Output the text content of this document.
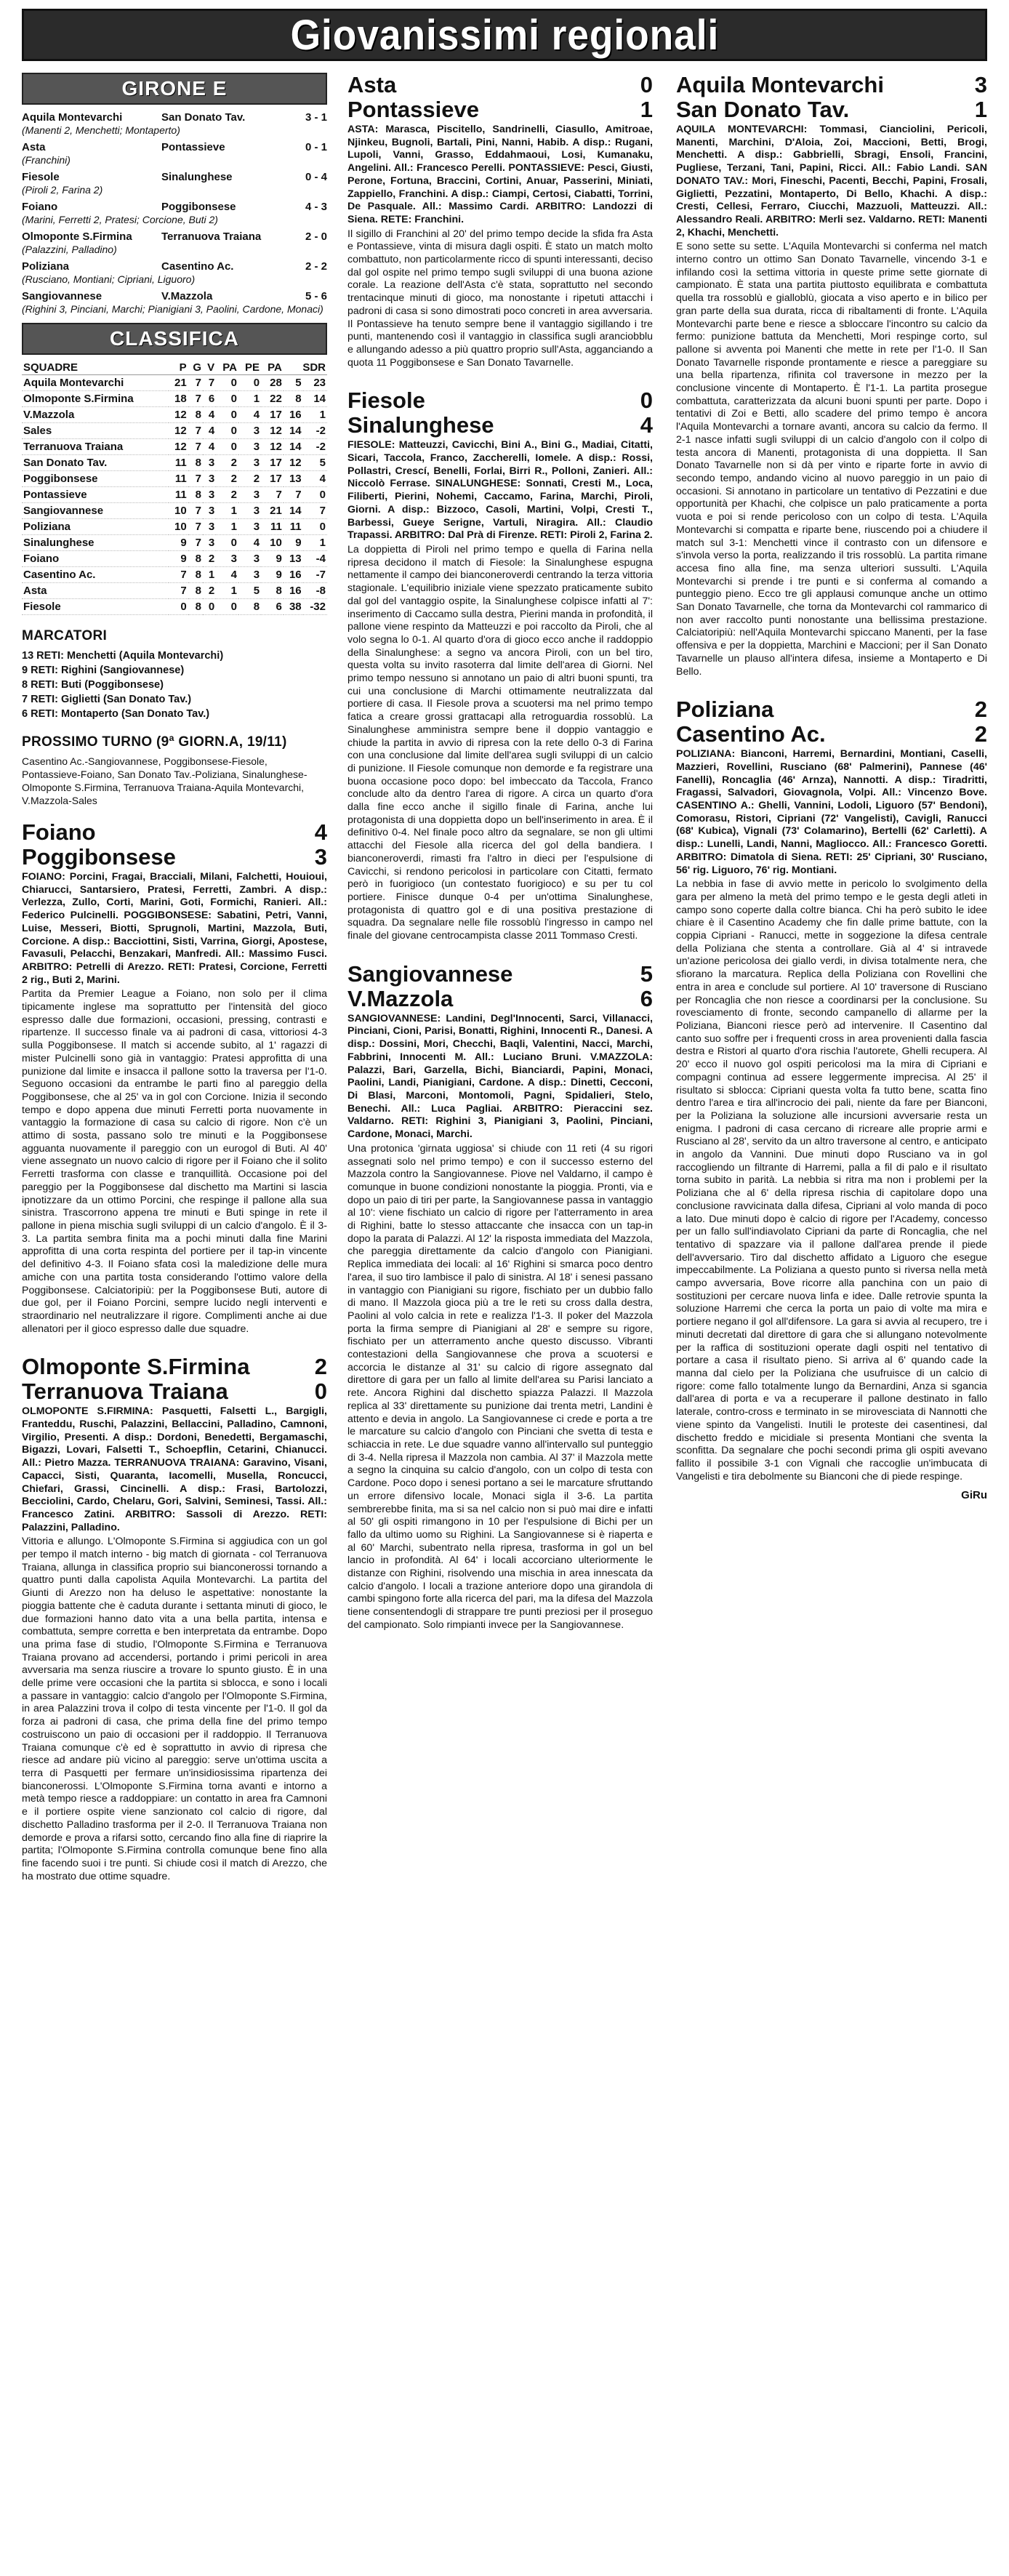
Giovanissimi regionali
GIRONE E
Aquila Montevarchi	San Donato Tav.	3 - 1
(Manenti 2, Menchetti; Montaperto)
Asta	Pontassieve	0 - 1
(Franchini)
Fiesole	Sinalunghese	0 - 4
(Piroli 2, Farina 2)
Foiano	Poggibonsese	4 - 3
(Marini, Ferretti 2, Pratesi; Corcione, Buti 2)
Olmoponte S.Firmina	Terranuova Traiana	2 - 0
(Palazzini, Palladino)
Poliziana	Casentino Ac.	2 - 2
(Rusciano, Montiani; Cipriani, Liguoro)
Sangiovannese	V.Mazzola	5 - 6
(Righini 3, Pinciani, Marchi; Pianigiani 3, Paolini, Cardone, Monaci)
CLASSIFICA
SQUADRE	P	G	V	PA	PE	PA	SDR	
Aquila Montevarchi	21	7	7	0	0	28	5	23
Olmoponte S.Firmina	18	7	6	0	1	22	8	14
V.Mazzola	12	8	4	0	4	17	16	1
Sales	12	7	4	0	3	12	14	-2
Terranuova Traiana	12	7	4	0	3	12	14	-2
San Donato Tav.	11	8	3	2	3	17	12	5
Poggibonsese	11	7	3	2	2	17	13	4
Pontassieve	11	8	3	2	3	7	7	0
Sangiovannese	10	7	3	1	3	21	14	7
Poliziana	10	7	3	1	3	11	11	0
Sinalunghese	9	7	3	0	4	10	9	1
Foiano	9	8	2	3	3	9	13	-4
Casentino Ac.	7	8	1	4	3	9	16	-7
Asta	7	8	2	1	5	8	16	-8
Fiesole	0	8	0	0	8	6	38	-32
MARCATORI
13 RETI: Menchetti (Aquila Montevarchi)
9 RETI: Righini (Sangiovannese)
8 RETI: Buti (Poggibonsese)
7 RETI: Giglietti (San Donato Tav.)
6 RETI: Montaperto (San Donato Tav.)
PROSSIMO TURNO (9ª GIORN.A, 19/11)
Casentino Ac.-Sangiovannese, Poggibonsese-Fiesole, Pontassieve-Foiano, San Donato Tav.-Poliziana, Sinalunghese-Olmoponte S.Firmina, Terranuova Traiana-Aquila Montevarchi, V.Mazzola-Sales
Foiano	4
Poggibonsese	3

FOIANO: Porcini, Fragai, Bracciali, Milani, Falchetti, Houioui, Chiarucci, Santarsiero, Pratesi, Ferretti, Zambri. A disp.: Verlezza, Zullo, Corti, Marini, Goti, Formichi, Ranieri. All.: Federico Pulcinelli. POGGIBONSESE: Sabatini, Petri, Vanni, Luise, Messeri, Biotti, Sprugnoli, Martini, Mazzola, Buti, Corcione. A disp.: Bacciottini, Sisti, Varrina, Giorgi, Apostese, Favasuli, Pelacchi, Benzakari, Manfredi. All.: Massimo Fusci. ARBITRO: Petrelli di Arezzo. RETI: Pratesi, Corcione, Ferretti 2 rig., Buti 2, Marini.

Partita da Premier League a Foiano, non solo per il clima tipicamente inglese ma soprattutto per l'intensità del gioco espresso dalle due formazioni, occasioni, pressing, contrasti e ripartenze. Il successo finale va ai padroni di casa, vittoriosi 4-3 sulla Poggibonsese. Il match si accende subito, al 1' ragazzi di mister Pulcinelli sono già in vantaggio: Pratesi approfitta di una punizione dal limite e insacca il pallone sotto la traversa per l'1-0. Seguono occasioni da entrambe le parti fino al pareggio della Poggibonsese, che al 25' va in gol con Corcione. Inizia il secondo tempo e dopo appena due minuti Ferretti porta nuovamente in vantaggio la formazione di casa su calcio di rigore. Non c'è un attimo di sosta, passano solo tre minuti e la Poggibonsese agguanta nuovamente il pareggio con un eurogol di Buti. Al 40' viene assegnato un nuovo calcio di rigore per il Foiano che il solito Ferretti trasforma con classe e tranquillità. Occasione poi del pareggio per la Poggibonsese dal dischetto ma Martini si lascia ipnotizzare da un ottimo Porcini, che respinge il pallone alla sua sinistra. Trascorrono appena tre minuti e Buti spinge in rete il pallone in piena mischia sugli sviluppi di un calcio d'angolo. È il 3-3. La partita sembra finita ma a pochi minuti dalla fine Marini approfitta di una corta respinta del portiere per il tap-in vincente del definitivo 4-3. Il Foiano sfata così la maledizione delle mura amiche con una partita tosta considerando l'ottimo valore della Poggibonsese. Calciatoripiù: per la Poggibonsese Buti, autore di due gol, per il Foiano Porcini, sempre lucido negli interventi e straordinario nel neutralizzare il rigore. Complimenti anche ai due allenatori per il gioco espresso dalle due squadre.

Olmoponte S.Firmina	2
Terranuova Traiana	0

OLMOPONTE S.FIRMINA: Pasquetti, Falsetti L., Bargigli, Franteddu, Ruschi, Palazzini, Bellaccini, Palladino, Camnoni, Virgilio, Presenti. A disp.: Dordoni, Benedetti, Bergamaschi, Bigazzi, Lovari, Falsetti T., Schoepflin, Cetarini, Chianucci. All.: Pietro Mazza. TERRANUOVA TRAIANA: Garavino, Visani, Capacci, Sisti, Quaranta, Iacomelli, Musella, Roncucci, Chiefari, Grassi, Cincinelli. A disp.: Frasi, Bartolozzi, Becciolini, Cardo, Chelaru, Gori, Salvini, Seminesi, Tassi. All.: Francesco Zatini. ARBITRO: Sassoli di Arezzo. RETI: Palazzini, Palladino.

Vittoria e allungo. L'Olmoponte S.Firmina si aggiudica con un gol per tempo il match interno - big match di giornata - col Terranuova Traiana, allunga in classifica proprio sui bianconerossi tornando a quattro punti dalla capolista Aquila Montevarchi. La partita del Giunti di Arezzo non ha deluso le aspettative: nonostante la pioggia battente che è caduta durante i settanta minuti di gioco, le due formazioni hanno dato vita a una bella partita, intensa e combattuta, sempre corretta e ben interpretata da entrambe. Dopo una prima fase di studio, l'Olmoponte S.Firmina e Terranuova Traiana provano ad accendersi, portando i primi pericoli in area avversaria ma senza riuscire a trovare lo spunto giusto. È in una delle prime vere occasioni che la partita si sblocca, e sono i locali a passare in vantaggio: calcio d'angolo per l'Olmoponte S.Firmina, in area Palazzini trova il colpo di testa vincente per l'1-0. Il gol da forza ai padroni di casa, che prima della fine del primo tempo costruiscono un paio di occasioni per il raddoppio. Il Terranuova Traiana comunque c'è ed è soprattutto in avvio di ripresa che riesce ad andare più vicino al pareggio: serve un'ottima uscita a terra di Pasquetti per fermare un'insidiosissima ripartenza dei bianconerossi. L'Olmoponte S.Firmina torna avanti e intorno a metà tempo riesce a raddoppiare: un contatto in area fra Camnoni e il portiere ospite viene sanzionato col calcio di rigore, dal dischetto Palladino trasforma per il 2-0. Il Terranuova Traiana non demorde e prova a rifarsi sotto, cercando fino alla fine di riaprire la partita; l'Olmoponte S.Firmina controlla comunque bene fino alla fine facendo suoi i tre punti. Si chiude così il match di Arezzo, che ha mostrato due ottime squadre.

Asta	0
Pontassieve	1

ASTA: Marasca, Piscitello, Sandrinelli, Ciasullo, Amitroae, Njinkeu, Bugnoli, Bartali, Pini, Nanni, Habib. A disp.: Rugani, Lupoli, Vanni, Grasso, Eddahmaoui, Losi, Kumanaku, Angelini. All.: Francesco Perelli. PONTASSIEVE: Pesci, Giusti, Perone, Fortuna, Braccini, Cortini, Anuar, Passerini, Miniati, Zappiello, Franchini. A disp.: Ciampi, Certosi, Ciabatti, Torrini, De Pasquale. All.: Massimo Cardi. ARBITRO: Landozzi di Siena. RETE: Franchini.

Il sigillo di Franchini al 20' del primo tempo decide la sfida fra Asta e Pontassieve, vinta di misura dagli ospiti. È stato un match molto combattuto, non particolarmente ricco di spunti interessanti, deciso dal gol ospite nel primo tempo sugli sviluppi di una buona azione corale. La reazione dell'Asta c'è stata, soprattutto nel secondo trentacinque minuti di gioco, ma nonostante i ripetuti attacchi i padroni di casa si sono dimostrati poco concreti in area avversaria. Il Pontassieve ha tenuto sempre bene il vantaggio sigillando i tre punti, mantenendo così il vantaggio in classifica sugli aranciobblu e allungando adesso a più quattro proprio sull'Asta, agganciando a quota 11 Poggibonsese e San Donato Tavarnelle.

Fiesole	0
Sinalunghese	4

FIESOLE: Matteuzzi, Cavicchi, Bini A., Bini G., Madiai, Citatti, Sicari, Taccola, Franco, Zaccherelli, Iomele. A disp.: Rossi, Pollastri, Crescí, Benelli, Forlai, Birri R., Polloni, Zanieri. All.: Niccolò Ferrase. SINALUNGHESE: Sonnati, Cresti M., Loca, Filiberti, Pierini, Nohemi, Caccamo, Farina, Marchi, Piroli, Giorni. A disp.: Bizzoco, Casoli, Martini, Volpi, Cresti T., Barbessi, Gueye Serigne, Vartuli, Niragira. All.: Claudio Trapassi. ARBITRO: Dal Prà di Firenze. RETI: Piroli 2, Farina 2.

La doppietta di Piroli nel primo tempo e quella di Farina nella ripresa decidono il match di Fiesole: la Sinalunghese espugna nettamente il campo dei bianconeroverdi centrando la terza vittoria stagionale. L'equilibrio iniziale viene spezzato praticamente subito dal gol del vantaggio ospite, la Sinalunghese colpisce infatti al 7': inserimento di Caccamo sulla destra, Pierini manda in profondità, il pallone viene respinto da Matteuzzi e poi raccolto da Piroli, che al volo segna lo 0-1. Al quarto d'ora di gioco ecco anche il raddoppio della Sinalunghese: a segno va ancora Piroli, con un bel tiro, questa volta su invito rasoterra dal limite dell'area di Giorni. Nel primo tempo nessuno si annotano un paio di altri buoni spunti, tra cui una conclusione di Marchi ottimamente neutralizzata dal portiere di casa. Il Fiesole prova a scuotersi ma nel primo tempo fatica a creare grossi grattacapi alla retroguardia rossoblù. La Sinalunghese amministra sempre bene il doppio vantaggio e chiude la partita in avvio di ripresa con la rete dello 0-3 di Farina con una conclusione dal limite dell'area sugli sviluppi di un calcio di punizione. Il Fiesole comunque non demorde e fa registrare una buona occasione poco dopo: bel imbeccato da Taccola, Franco conclude alto da dentro l'area di rigore. A circa un quarto d'ora dalla fine ecco anche il sigillo finale di Farina, anche lui protagonista di una doppietta dopo un bell'inserimento in area. È il definitivo 0-4. Nel finale poco altro da segnalare, se non gli ultimi attacchi del Fiesole alla ricerca del gol della bandiera. I bianconeroverdi, rimasti fra l'altro in dieci per l'espulsione di Cavicchi, si rendono pericolosi in particolare con Citatti, fermato però in fuorigioco (un contestato fuorigioco) e su per tu col portiere. Finisce dunque 0-4 per un'ottima Sinalunghese, protagonista di quattro gol e di una positiva prestazione di squadra. Da segnalare nelle file rossoblù l'ingresso in campo nel finale del giovane centrocampista classe 2011 Tommaso Cresti.

Sangiovannese	5
V.Mazzola	6

SANGIOVANNESE: Landini, Degl'Innocenti, Sarci, Villanacci, Pinciani, Cioni, Parisi, Bonatti, Righini, Innocenti R., Danesi. A disp.: Dossini, Mori, Checchi, Baqli, Valentini, Nacci, Marchi, Fabbrini, Innocenti M. All.: Luciano Bruni. V.MAZZOLA: Palazzi, Bari, Garzella, Bichi, Bianciardi, Papini, Monaci, Paolini, Landi, Pianigiani, Cardone. A disp.: Dinetti, Cecconi, Di Blasi, Marconi, Montomoli, Pagni, Spidalieri, Stelo, Benechi. All.: Luca Pagliai. ARBITRO: Pieraccini sez. Valdarno. RETI: Righini 3, Pianigiani 3, Paolini, Pinciani, Cardone, Monaci, Marchi.

Una protonica 'girnata uggiosa' si chiude con 11 reti (4 su rigori assegnati solo nel primo tempo) e con il successo esterno del Mazzola contro la Sangiovannese. Piove nel Valdarno, il campo è comunque in buone condizioni nonostante la pioggia. Pronti, via e dopo un paio di tiri per parte, la Sangiovannese passa in vantaggio al 10': viene fischiato un calcio di rigore per l'atterramento in area di Righini, batte lo stesso attaccante che insacca con un tap-in dopo la parata di Palazzi. Al 12' la risposta immediata del Mazzola, che pareggia direttamente da calcio d'angolo con Pianigiani. Replica immediata dei locali: al 16' Righini si smarca poco dentro l'area, il suo tiro lambisce il palo di sinistra. Al 18' i senesi passano in vantaggio con Pianigiani su rigore, fischiato per un dubbio fallo di mano. Il Mazzola gioca più a tre le reti su cross dalla destra, Paolini al volo calcia in rete e realizza l'1-3. Il poker del Mazzola porta la firma sempre di Pianigiani al 28' e sempre su rigore, fischiato per un atterramento anche questo discusso. Vibranti contestazioni della Sangiovannese che prova a scuotersi e accorcia le distanze al 31' su calcio di rigore assegnato dal direttore di gara per un fallo al limite dell'area su Parisi lanciato a rete. Ancora Righini dal dischetto spiazza Palazzi. Il Mazzola replica al 33' direttamente su punizione dai trenta metri, Landini è attento e devia in angolo. La Sangiovannese ci crede e porta a tre le marcature su calcio d'angolo con Pinciani che svetta di testa e schiaccia in rete. Le due squadre vanno all'intervallo sul punteggio di 3-4. Nella ripresa il Mazzola non cambia. Al 37' il Mazzola mette a segno la cinquina su calcio d'angolo, con un colpo di testa con Cardone. Poco dopo i senesi portano a sei le marcature sfruttando un errore difensivo locale, Monaci sigla il 3-6. La partita sembrerebbe finita, ma si sa nel calcio non si può mai dire e infatti al 50' gli ospiti rimangono in 10 per l'espulsione di Bichi per un fallo da ultimo uomo su Righini. La Sangiovannese si è riaperta e al 60' Marchi, subentrato nella ripresa, trasforma in gol un bel lancio in profondità. Al 64' i locali accorciano ulteriormente le distanze con Righini, risolvendo una mischia in area innescata da calcio d'angolo. I locali a trazione anteriore dopo una girandola di cambi spingono forte alla ricerca del pari, ma la difesa del Mazzola tiene consentendogli di strappare tre punti preziosi per il proseguo del campionato. Solo rimpianti invece per la Sangiovannese.

Aquila Montevarchi	3
San Donato Tav.	1

AQUILA MONTEVARCHI: Tommasi, Cianciolini, Pericoli, Manenti, Marchini, D'Aloia, Zoi, Maccioni, Betti, Brogi, Menchetti. A disp.: Gabbrielli, Sbragi, Ensoli, Francini, Pugliese, Terzani, Tani, Papini, Ricci. All.: Fabio Landi. SAN DONATO TAV.: Mori, Fineschi, Pacenti, Becchi, Papini, Frosali, Giglietti, Pezzatini, Montaperto, Di Bello, Khachi. A disp.: Cresti, Cellesi, Ferraro, Ciucchi, Mazzuoli, Matteuzzi. All.: Alessandro Reali. ARBITRO: Merli sez. Valdarno. RETI: Manenti 2, Khachi, Menchetti.

E sono sette su sette. L'Aquila Montevarchi si conferma nel match interno contro un ottimo San Donato Tavarnelle, vincendo 3-1 e infilando così la settima vittoria in queste prime sette giornate di campionato. È stata una partita piuttosto equilibrata e combattuta quella tra rossoblù e gialloblù, giocata a viso aperto e in bilico per gran parte della sua durata, ricca di ribaltamenti di fronte. L'Aquila Montevarchi parte bene e riesce a sbloccare l'incontro su calcio da fermo: punizione battuta da Menchetti, Mori respinge corto, sul pallone si avventa poi Manenti che mette in rete per l'1-0. Il San Donato Tavarnelle risponde prontamente e riesce a pareggiare su una bella ripartenza, rifinita col traversone in mezzo per la conclusione vincente di Montaperto. È l'1-1. La partita prosegue combattuta, caratterizzata da alcuni buoni spunti per parte. Dopo i tentativi di Zoi e Betti, allo scadere del primo tempo è ancora l'Aquila Montevarchi a tornare avanti, ancora su calcio da fermo. Il 2-1 nasce infatti sugli sviluppi di un calcio d'angolo con il colpo di testa ancora di Manenti, protagonista di una doppietta. Il San Donato Tavarnelle non si dà per vinto e riparte forte in avvio di secondo tempo, andando vicino al nuovo pareggio in un paio di occasioni. Si annotano in particolare un tentativo di Pezzatini e due opportunità per Khachi, che colpisce un palo praticamente a porta vuota e poi si rende pericoloso con un colpo di testa. L'Aquila Montevarchi si compatta e riparte bene, riuscendo poi a chiudere il match sul 3-1: Menchetti vince il contrasto con un difensore e s'invola verso la porta, realizzando il tris rossoblù. La partita rimane accesa fino alla fine, ma senza ulteriori sussulti. L'Aquila Montevarchi si prende i tre punti e si conferma al comando a punteggio pieno. Ecco tre gli applausi comunque anche un ottimo San Donato Tavarnelle, che torna da Montevarchi col rammarico di non aver raccolto punti nonostante una bellissima prestazione. Calciatoripiù: nell'Aquila Montevarchi spiccano Manenti, per la fase offensiva e per la doppietta, Marchini e Maccioni; per il San Donato Tavarnelle un plauso all'intera difesa, insieme a Montaperto e Di Bello.

Poliziana	2
Casentino Ac.	2

POLIZIANA: Bianconi, Harremi, Bernardini, Montiani, Caselli, Mazzieri, Rovellini, Rusciano (68' Palmerini), Pannese (46' Fanelli), Roncaglia (46' Arnza), Nannotti. A disp.: Tiradritti, Fragassi, Salvadori, Giovagnola, Volpi. All.: Vincenzo Bove. CASENTINO A.: Ghelli, Vannini, Lodoli, Liguoro (57' Bendoni), Comorasu, Ristori, Cipriani (72' Vangelisti), Cavigli, Ranucci (68' Kubica), Vignali (73' Colamarino), Bertelli (62' Carletti). A disp.: Lunelli, Landi, Nanni, Magliocco. All.: Francesco Goretti. ARBITRO: Dimatola di Siena. RETI: 25' Cipriani, 30' Rusciano, 56' rig. Liguoro, 76' rig. Montiani.

La nebbia in fase di avvio mette in pericolo lo svolgimento della gara per almeno la metà del primo tempo e le gesta degli atleti in campo sono coperte dalla coltre bianca. Chi ha però subito le idee chiare è il Casentino Academy che fin dalle prime battute, con la coppia Cipriani - Ranucci, mette in soggezione la difesa centrale della Poliziana che stenta a controllare. Già al 4' si intravede un'azione pericolosa dei giallo verdi, in divisa totalmente nera, che sfiorano la marcatura. Replica della Poliziana con Rovellini che entra in area e conclude sul portiere. Al 10' traversone di Rusciano per Roncaglia che non riesce a coordinarsi per la conclusione. Su rovesciamento di fronte, secondo campanello di allarme per la Poliziana, Bianconi riesce però ad intervenire. Il Casentino dal canto suo soffre per i frequenti cross in area provenienti dalla fascia destra e Ristori al quarto d'ora rischia l'autorete, Ghelli recupera. Al 20' ecco il nuovo gol ospiti pericolosi ma la mira di Cipriani e compagni continua ad essere leggermente imprecisa. Al 25' il risultato si sblocca: Cipriani questa volta fa tutto bene, scatta fino dentro l'area e tira all'incrocio dei pali, niente da fare per Bianconi, per la Poliziana la soluzione alle incursioni avversarie resta un enigma. I padroni di casa cercano di ricreare alle proprie armi e Rusciano al 28', servito da un altro traversone al centro, e anticipato in angolo da Vannini. Due minuti dopo Rusciano va in gol raccogliendo un filtrante di Harremi, palla a fil di palo e il risultato torna subito in parità. La nebbia si ritra ma non i problemi per la Poliziana che al 6' della ripresa rischia di capitolare dopo una conclusione ravvicinata dalla difesa, Cipriani al volo manda di poco a lato. Due minuti dopo è calcio di rigore per l'Academy, concesso per un fallo sull'indiavolato Cipriani da parte di Roncaglia, che nel tentativo di spazzare via il pallone dall'area prende il piede dell'avversario. Tiro dal dischetto affidato a Liguoro che esegue impeccabilmente. La Poliziana a questo punto si riversa nella metà campo avversaria, Bove ricorre alla panchina con un paio di sostituzioni per cercare nuova linfa e idee. Dalle retrovie spunta la soluzione Harremi che cerca la porta un paio di volte ma mira e portiere negano il gol all'difensore. La gara si avvia al recupero, tre i minuti decretati dal direttore di gara che si allungano notevolmente per la raffica di sostituzioni operate dagli ospiti nel tentativo di portare a casa il risultato pieno. Si arriva al 6' quando cade la manna dal cielo per la Poliziana che usufruisce di un calcio di rigore: come fallo totalmente lungo da Bernardini, Anza si sganciа dall'area di porta e va a recuperare il pallone destinato in fallo laterale, contro-cross e terminato in se mirovesciata di Nannotti che viene spinto da Vangelisti. Inutili le proteste dei casentinesi, dal dischetto freddo e micidiale si presenta Montiani che sventa la sconfitta. Da segnalare che pochi secondi prima gli ospiti avevano fallito il possibile 3-1 con Vignali che raccoglie un'imbucata di Vangelisti e tira debolmente su Bianconi che di piede respinge.

GiRu
